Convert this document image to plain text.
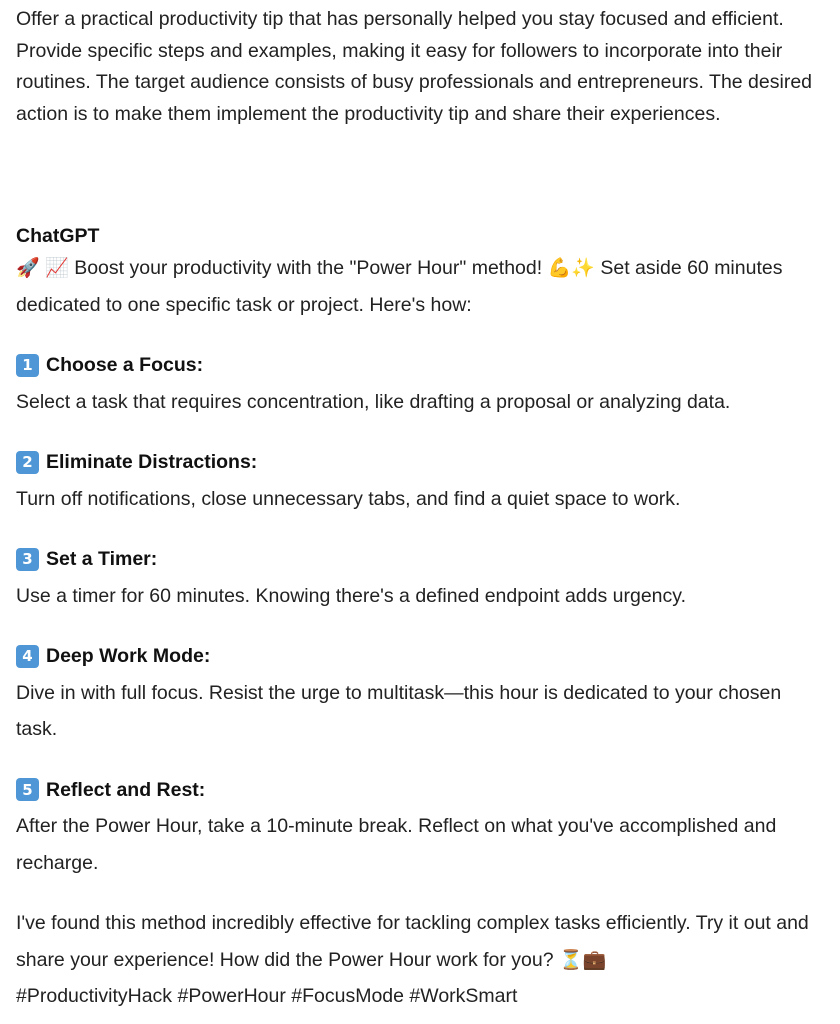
Offer a practical productivity tip that has personally helped you stay focused and efficient. Provide specific steps and examples, making it easy for followers to incorporate into their routines. The target audience consists of busy professionals and entrepreneurs. The desired action is to make them implement the productivity tip and share their experiences.
ChatGPT

🚀 📈 Boost your productivity with the "Power Hour" method! 💪✨ Set aside 60 minutes dedicated to one specific task or project. Here's how:

1 Choose a Focus:

Select a task that requires concentration, like drafting a proposal or analyzing data.

2 Eliminate Distractions:

Turn off notifications, close unnecessary tabs, and find a quiet space to work.

3 Set a Timer:

Use a timer for 60 minutes. Knowing there's a defined endpoint adds urgency.

4 Deep Work Mode:

Dive in with full focus. Resist the urge to multitask—this hour is dedicated to your chosen task.

5 Reflect and Rest:

After the Power Hour, take a 10-minute break. Reflect on what you've accomplished and recharge.

I've found this method incredibly effective for tackling complex tasks efficiently. Try it out and share your experience! How did the Power Hour work for you? ⏳💼

#ProductivityHack #PowerHour #FocusMode #WorkSmart
